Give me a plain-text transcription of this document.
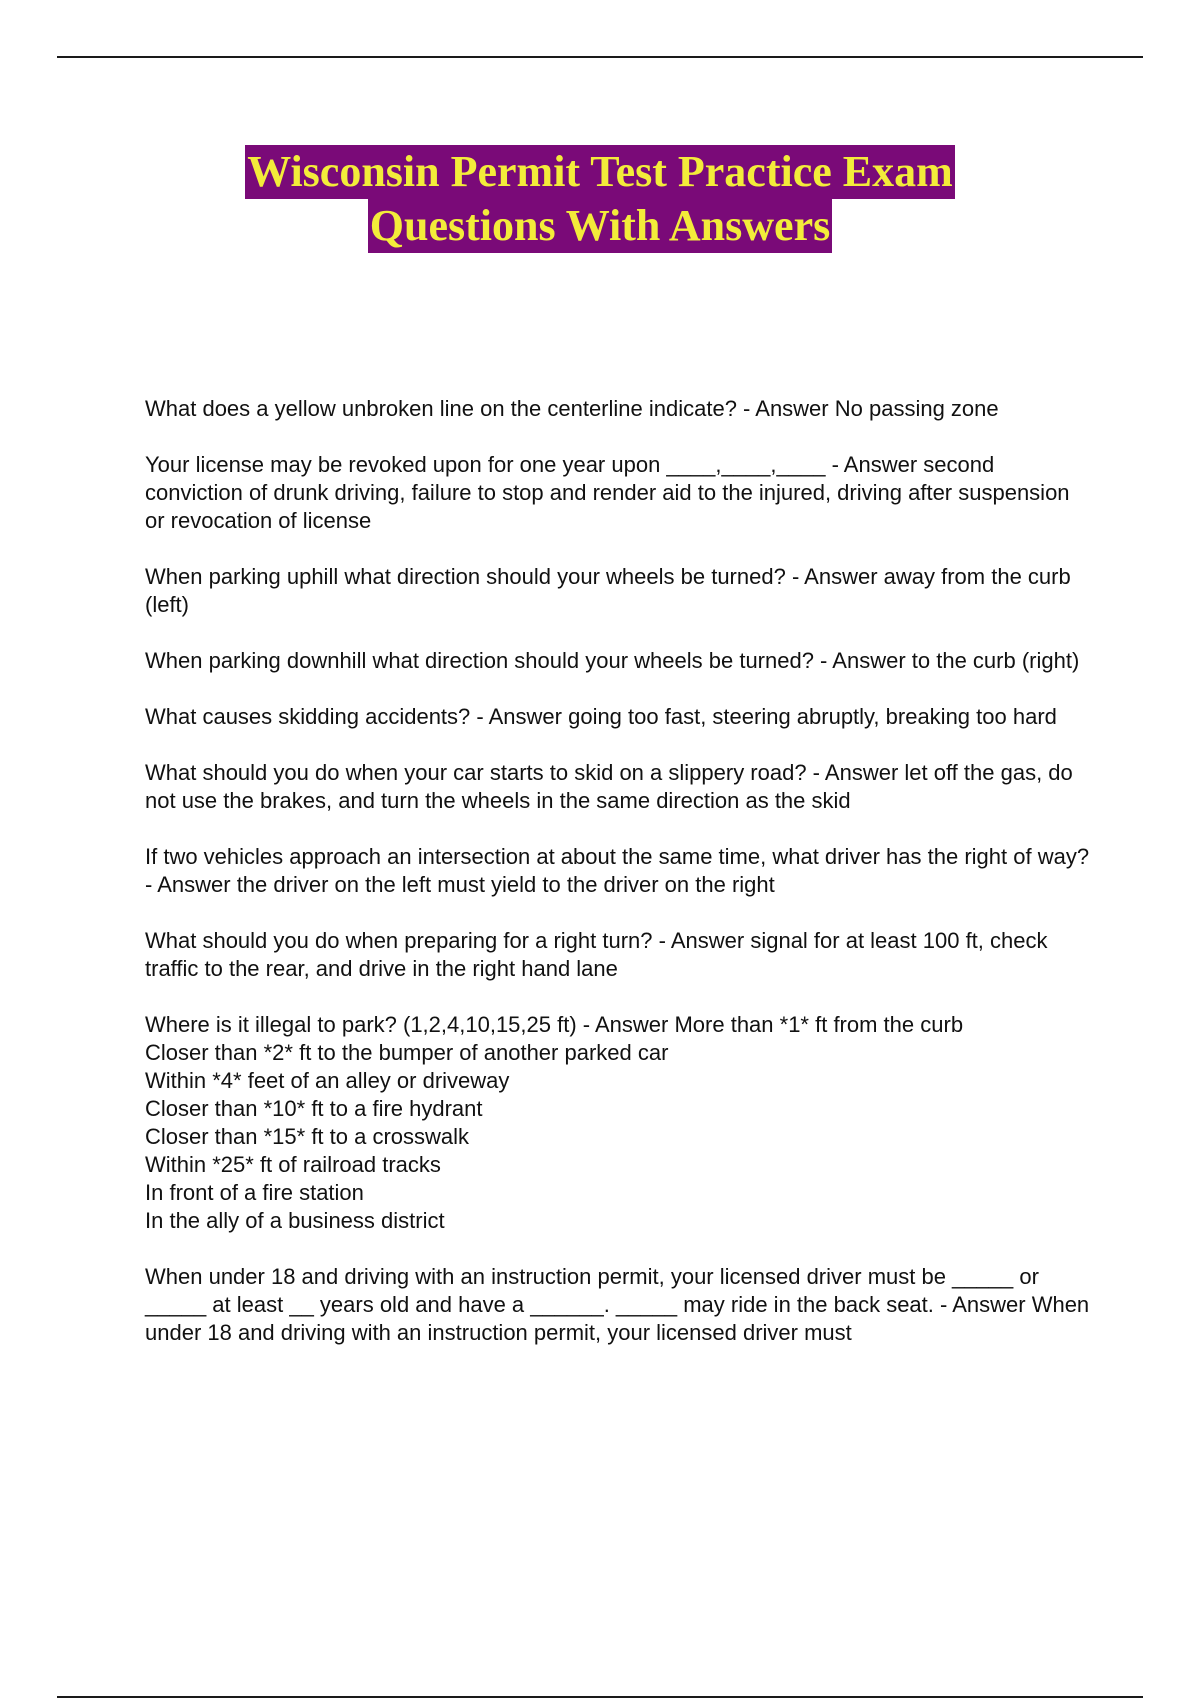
Wisconsin Permit Test Practice Exam
Questions With Answers

What does a yellow unbroken line on the centerline indicate? - Answer No passing zone

Your license may be revoked upon for one year upon ____,____,____ - Answer second conviction of drunk driving, failure to stop and render aid to the injured, driving after suspension or revocation of license

When parking uphill what direction should your wheels be turned? - Answer away from the curb (left)

When parking downhill what direction should your wheels be turned? - Answer to the curb (right)

What causes skidding accidents? - Answer going too fast, steering abruptly, breaking too hard

What should you do when your car starts to skid on a slippery road? - Answer let off the gas, do not use the brakes, and turn the wheels in the same direction as the skid

If two vehicles approach an intersection at about the same time, what driver has the right of way? - Answer the driver on the left must yield to the driver on the right

What should you do when preparing for a right turn? - Answer signal for at least 100 ft, check traffic to the rear, and drive in the right hand lane

Where is it illegal to park? (1,2,4,10,15,25 ft) - Answer More than *1* ft from the curb
Closer than *2* ft to the bumper of another parked car
Within *4* feet of an alley or driveway
Closer than *10* ft to a fire hydrant
Closer than *15* ft to a crosswalk
Within *25* ft of railroad tracks
In front of a fire station
In the ally of a business district

When under 18 and driving with an instruction permit, your licensed driver must be _____ or _____ at least __ years old and have a ______. _____ may ride in the back seat. - Answer When under 18 and driving with an instruction permit, your licensed driver must
